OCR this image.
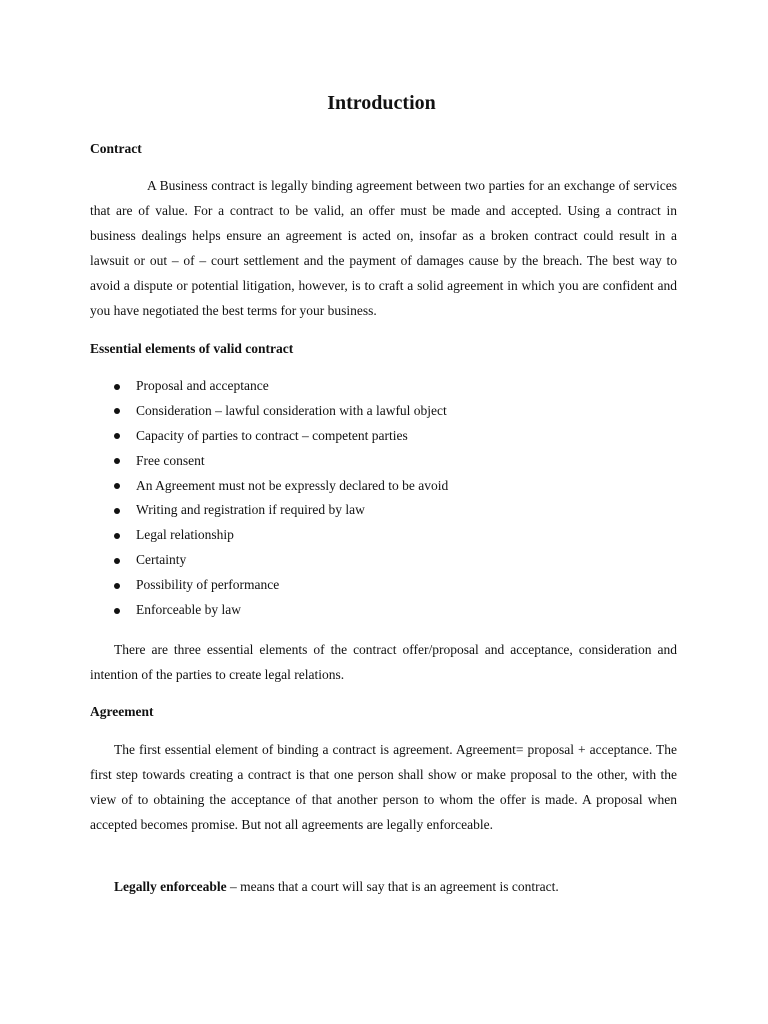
Introduction
Contract

A Business contract is legally binding agreement between two parties for an exchange of services that are of value. For a contract to be valid, an offer must be made and accepted. Using a contract in business dealings helps ensure an agreement is acted on, insofar as a broken contract could result in a lawsuit or out – of – court settlement and the payment of damages cause by the breach. The best way to avoid a dispute or potential litigation, however, is to craft a solid agreement in which you are confident and you have negotiated the best terms for your business.

Essential elements of valid contract
Proposal and acceptance
Consideration – lawful consideration with a lawful object
Capacity of parties to contract – competent parties
Free consent
An Agreement must not be expressly declared to be avoid
Writing and registration if required by law
Legal relationship
Certainty
Possibility of performance
Enforceable by law

There are three essential elements of the contract offer/proposal and acceptance, consideration and intention of the parties to create legal relations.

Agreement

The first essential element of binding a contract is agreement. Agreement= proposal + acceptance. The first step towards creating a contract is that one person shall show or make proposal to the other, with the view of to obtaining the acceptance of that another person to whom the offer is made. A proposal when accepted becomes promise. But not all agreements are legally enforceable.

Legally enforceable – means that a court will say that is an agreement is contract.
